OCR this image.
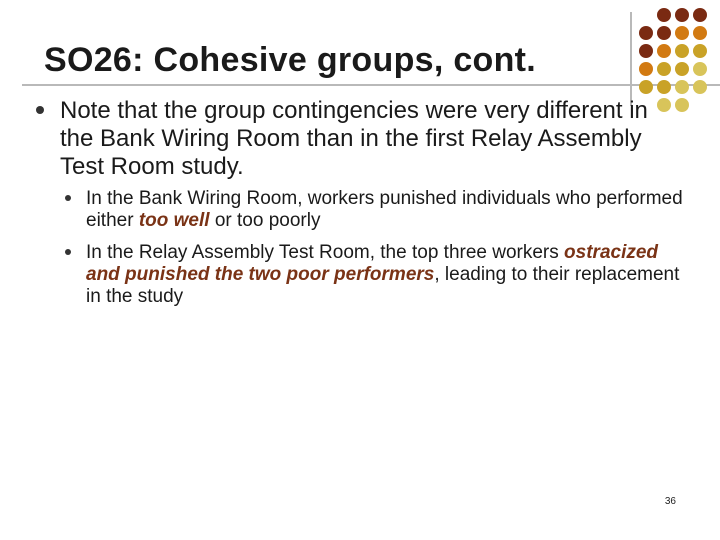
SO26: Cohesive groups, cont.
Note that the group contingencies were very different in the Bank Wiring Room than in the first Relay Assembly Test Room study.
In the Bank Wiring Room, workers punished individuals who performed either too well or too poorly
In the Relay Assembly Test Room, the top three workers ostracized and punished the two poor performers, leading to their replacement in the study
36
